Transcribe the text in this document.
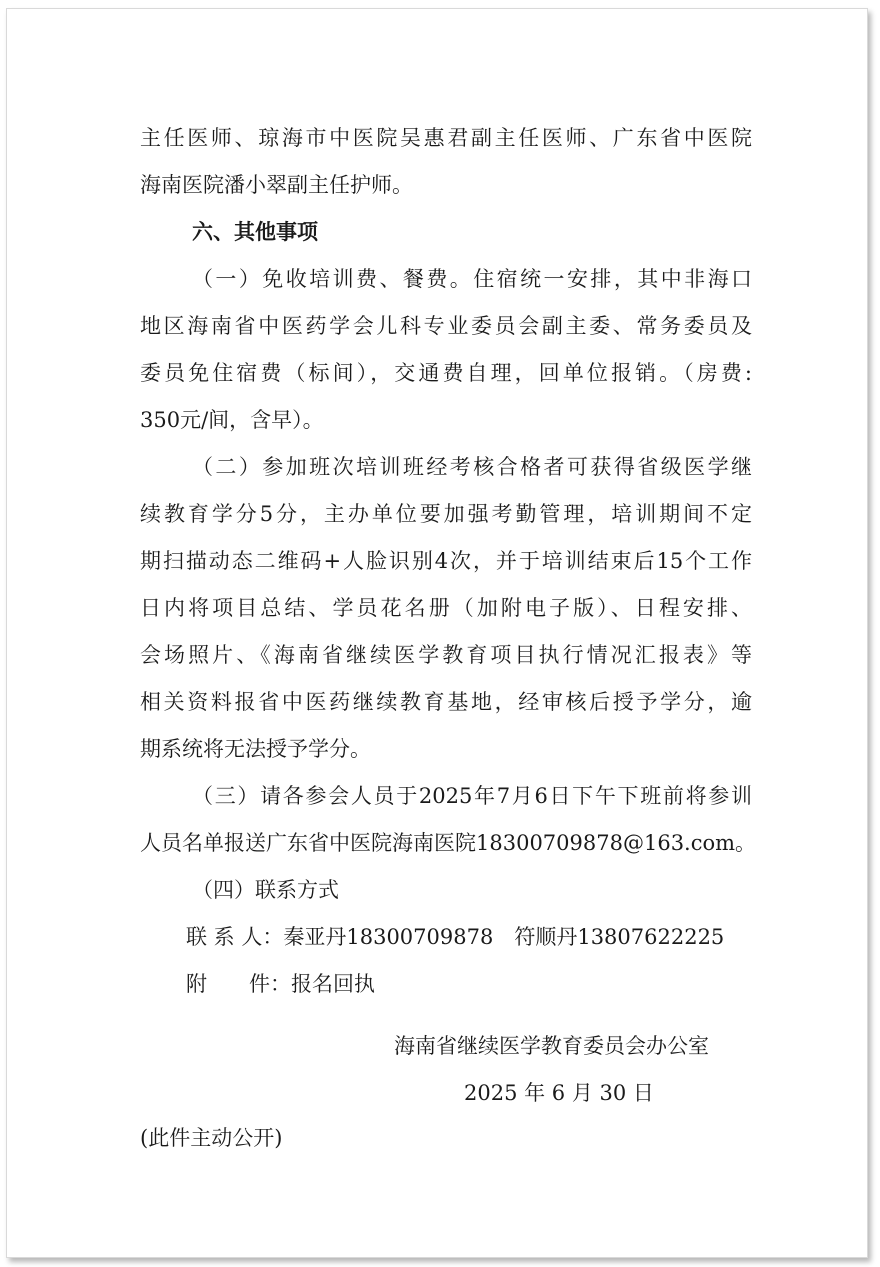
主任医师、琼海市中医院吴惠君副主任医师、广东省中医院
海南医院潘小翠副主任护师。
六、其他事项
（一）免收培训费、餐费。住宿统一安排，其中非海口
地区海南省中医药学会儿科专业委员会副主委、常务委员及
委员免住宿费（标间），交通费自理，回单位报销。（房费:
350元/间，含早）。
（二）参加班次培训班经考核合格者可获得省级医学继
续教育学分5分，主办单位要加强考勤管理，培训期间不定
期扫描动态二维码+人脸识别4次，并于培训结束后15个工作
日内将项目总结、学员花名册（加附电子版）、日程安排、
会场照片、《海南省继续医学教育项目执行情况汇报表》等
相关资料报省中医药继续教育基地，经审核后授予学分，逾
期系统将无法授予学分。
（三）请各参会人员于2025年7月6日下午下班前将参训
人员名单报送广东省中医院海南医院18300709878@163.com。
（四）联系方式
联 系 人：秦亚丹18300709878　符顺丹13807622225
附　　件：报名回执
海南省继续医学教育委员会办公室
2025 年 6 月 30 日
(此件主动公开)
